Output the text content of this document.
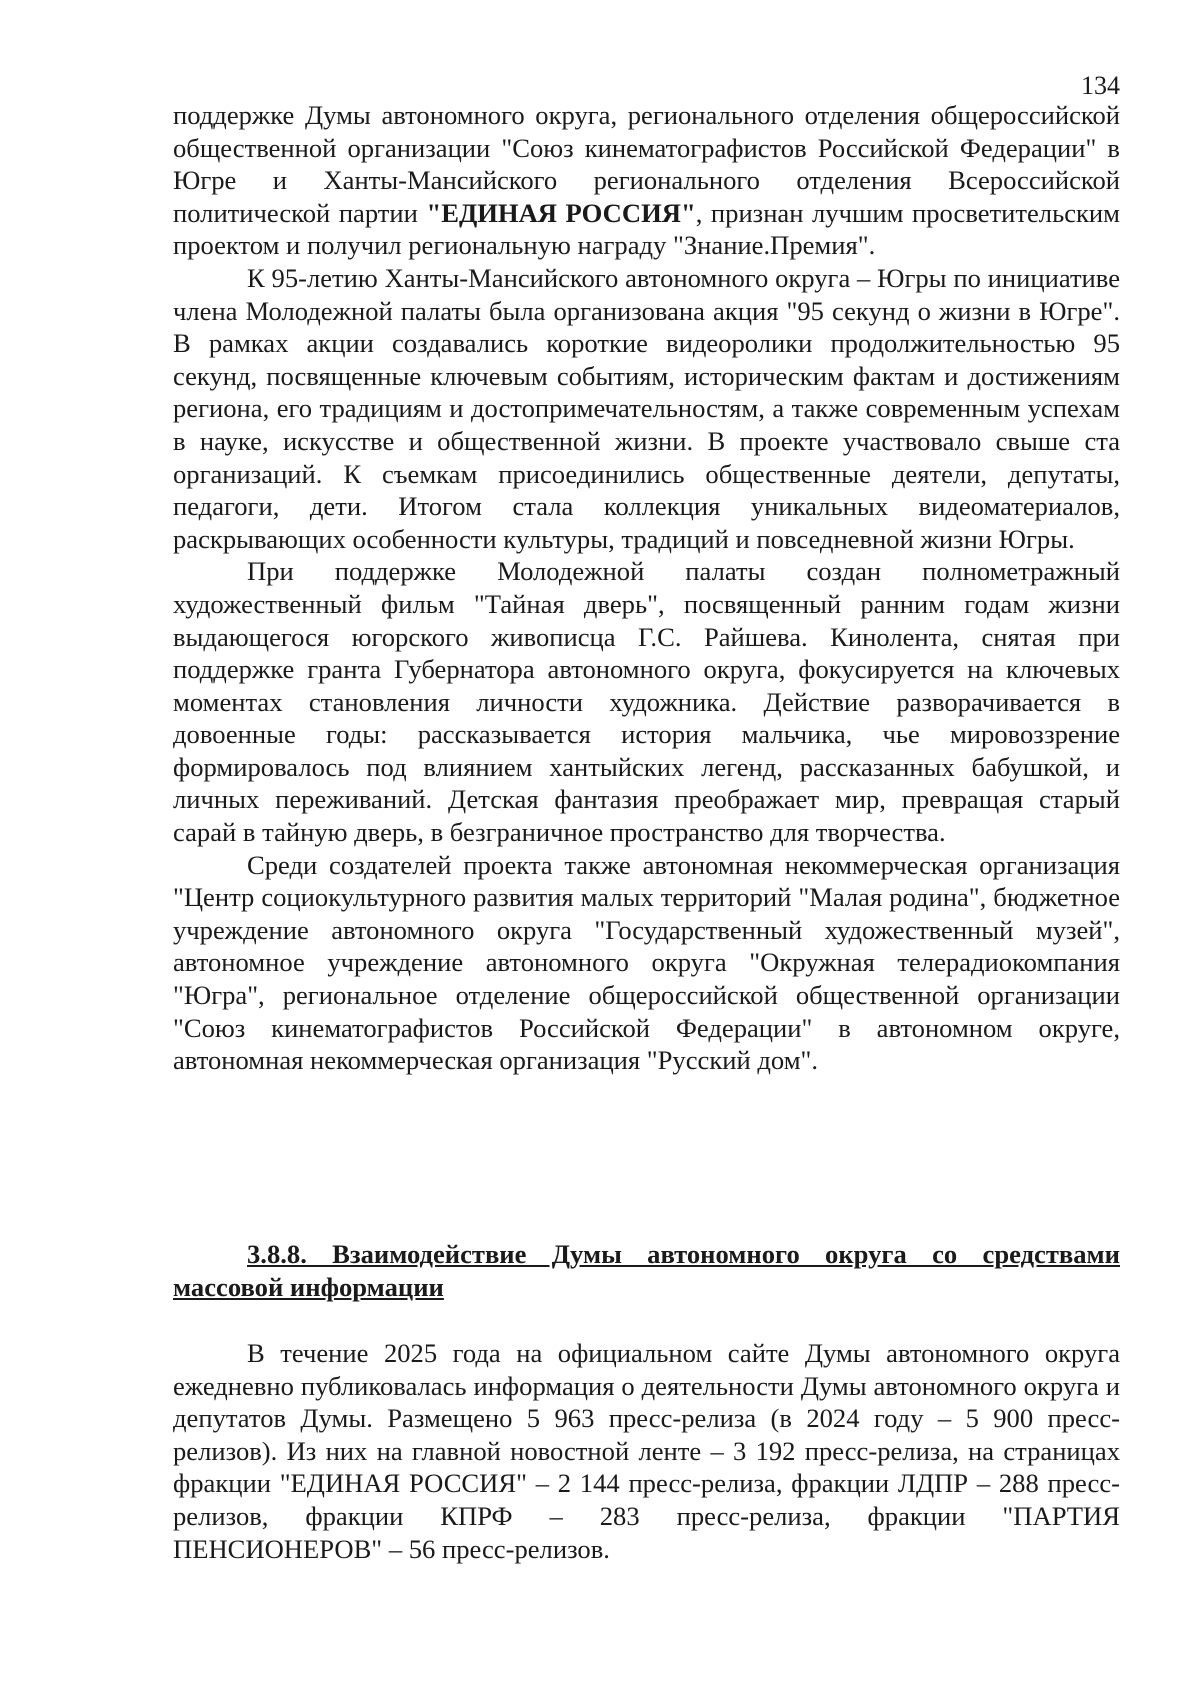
134

поддержке Думы автономного округа, регионального отделения общероссийской общественной организации "Союз кинематографистов Российской Федерации" в Югре и Ханты-Мансийского регионального отделения Всероссийской политической партии "ЕДИНАЯ РОССИЯ", признан лучшим просветительским проектом и получил региональную награду "Знание.Премия".

К 95-летию Ханты-Мансийского автономного округа – Югры по инициативе члена Молодежной палаты была организована акция "95 секунд о жизни в Югре". В рамках акции создавались короткие видеоролики продолжительностью 95 секунд, посвященные ключевым событиям, историческим фактам и достижениям региона, его традициям и достопримечательностям, а также современным успехам в науке, искусстве и общественной жизни. В проекте участвовало свыше ста организаций. К съемкам присоединились общественные деятели, депутаты, педагоги, дети. Итогом стала коллекция уникальных видеоматериалов, раскрывающих особенности культуры, традиций и повседневной жизни Югры.

При поддержке Молодежной палаты создан полнометражный художественный фильм "Тайная дверь", посвященный ранним годам жизни выдающегося югорского живописца Г.С. Райшева. Кинолента, снятая при поддержке гранта Губернатора автономного округа, фокусируется на ключевых моментах становления личности художника. Действие разворачивается в довоенные годы: рассказывается история мальчика, чье мировоззрение формировалось под влиянием хантыйских легенд, рассказанных бабушкой, и личных переживаний. Детская фантазия преображает мир, превращая старый сарай в тайную дверь, в безграничное пространство для творчества.

Среди создателей проекта также автономная некоммерческая организация "Центр социокультурного развития малых территорий "Малая родина", бюджетное учреждение автономного округа "Государственный художественный музей", автономное учреждение автономного округа "Окружная телерадиокомпания "Югра", региональное отделение общероссийской общественной организации "Союз кинематографистов Российской Федерации" в автономном округе, автономная некоммерческая организация "Русский дом".

3.8.8. Взаимодействие Думы автономного округа со средствами массовой информации

В течение 2025 года на официальном сайте Думы автономного округа ежедневно публиковалась информация о деятельности Думы автономного округа и депутатов Думы. Размещено 5 963 пресс-релиза (в 2024 году – 5 900 пресс-релизов). Из них на главной новостной ленте – 3 192 пресс-релиза, на страницах фракции "ЕДИНАЯ РОССИЯ" – 2 144 пресс-релиза, фракции ЛДПР – 288 пресс-релизов, фракции КПРФ – 283 пресс-релиза, фракции "ПАРТИЯ ПЕНСИОНЕРОВ" – 56 пресс-релизов.
